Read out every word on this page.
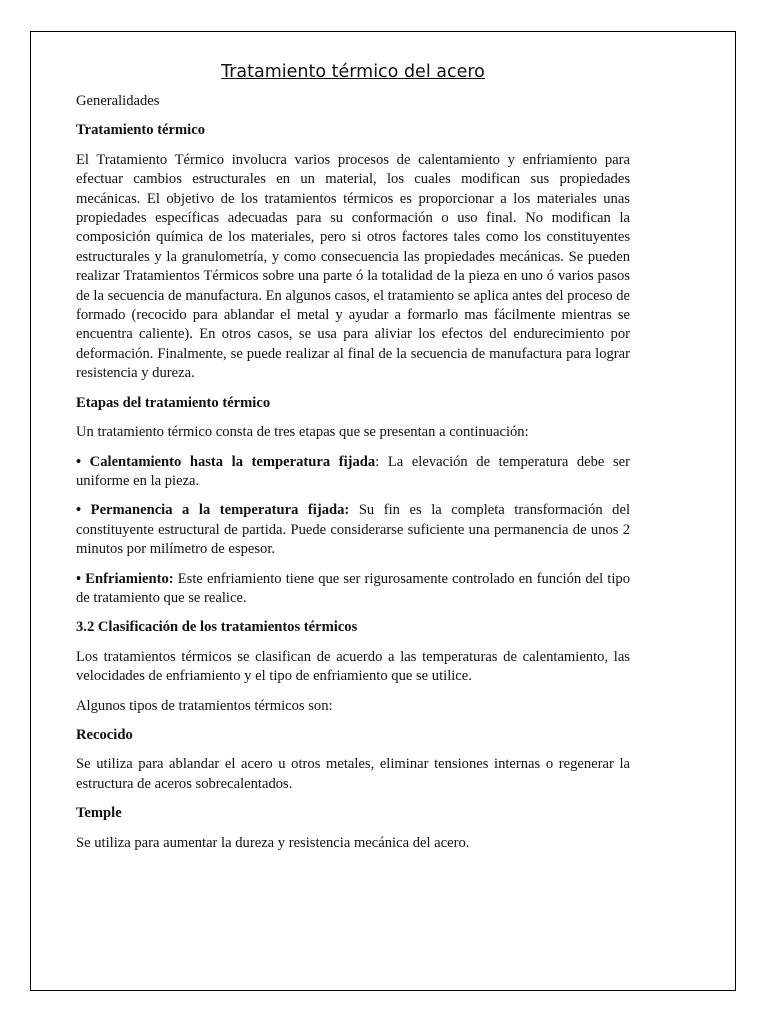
Tratamiento térmico del acero

Generalidades

Tratamiento térmico

El Tratamiento Térmico involucra varios procesos de calentamiento y enfriamiento para efectuar cambios estructurales en un material, los cuales modifican sus propiedades mecánicas. El objetivo de los tratamientos térmicos es proporcionar a los materiales unas propiedades específicas adecuadas para su conformación o uso final. No modifican la composición química de los materiales, pero si otros factores tales como los constituyentes estructurales y la granulometría, y como consecuencia las propiedades mecánicas. Se pueden realizar Tratamientos Térmicos sobre una parte ó la totalidad de la pieza en uno ó varios pasos de la secuencia de manufactura. En algunos casos, el tratamiento se aplica antes del proceso de formado (recocido para ablandar el metal y ayudar a formarlo mas fácilmente mientras se encuentra caliente). En otros casos, se usa para aliviar los efectos del endurecimiento por deformación. Finalmente, se puede realizar al final de la secuencia de manufactura para lograr resistencia y dureza.

Etapas del tratamiento térmico

Un tratamiento térmico consta de tres etapas que se presentan a continuación:

• Calentamiento hasta la temperatura fijada: La elevación de temperatura debe ser uniforme en la pieza.

• Permanencia a la temperatura fijada: Su fin es la completa transformación del constituyente estructural de partida. Puede considerarse suficiente una permanencia de unos 2 minutos por milímetro de espesor.

• Enfriamiento: Este enfriamiento tiene que ser rigurosamente controlado en función del tipo de tratamiento que se realice.

3.2 Clasificación de los tratamientos térmicos

Los tratamientos térmicos se clasifican de acuerdo a las temperaturas de calentamiento, las velocidades de enfriamiento y el tipo de enfriamiento que se utilice.

Algunos tipos de tratamientos térmicos son:

Recocido

Se utiliza para ablandar el acero u otros metales, eliminar tensiones internas o regenerar la estructura de aceros sobrecalentados.

Temple

Se utiliza para aumentar la dureza y resistencia mecánica del acero.
